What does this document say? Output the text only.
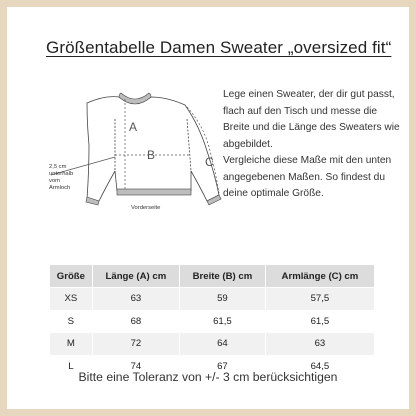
Größentabelle Damen Sweater „oversized fit“
A
B	C
2,5 cm
unterhalb
vom
Armloch
Vorderseite

Lege einen Sweater, der dir gut passt, flach auf den Tisch und messe die Breite und die Länge des Sweaters wie abgebildet.

Vergleiche diese Maße mit den unten angegebenen Maßen. So findest du deine optimale Größe.

Größe	Länge (A) cm	Breite (B) cm	Armlänge (C) cm
XS	63	59	57,5
S	68	61,5	61,5
M	72	64	63
L	74	67	64,5
Bitte eine Toleranz von +/- 3 cm berücksichtigen
